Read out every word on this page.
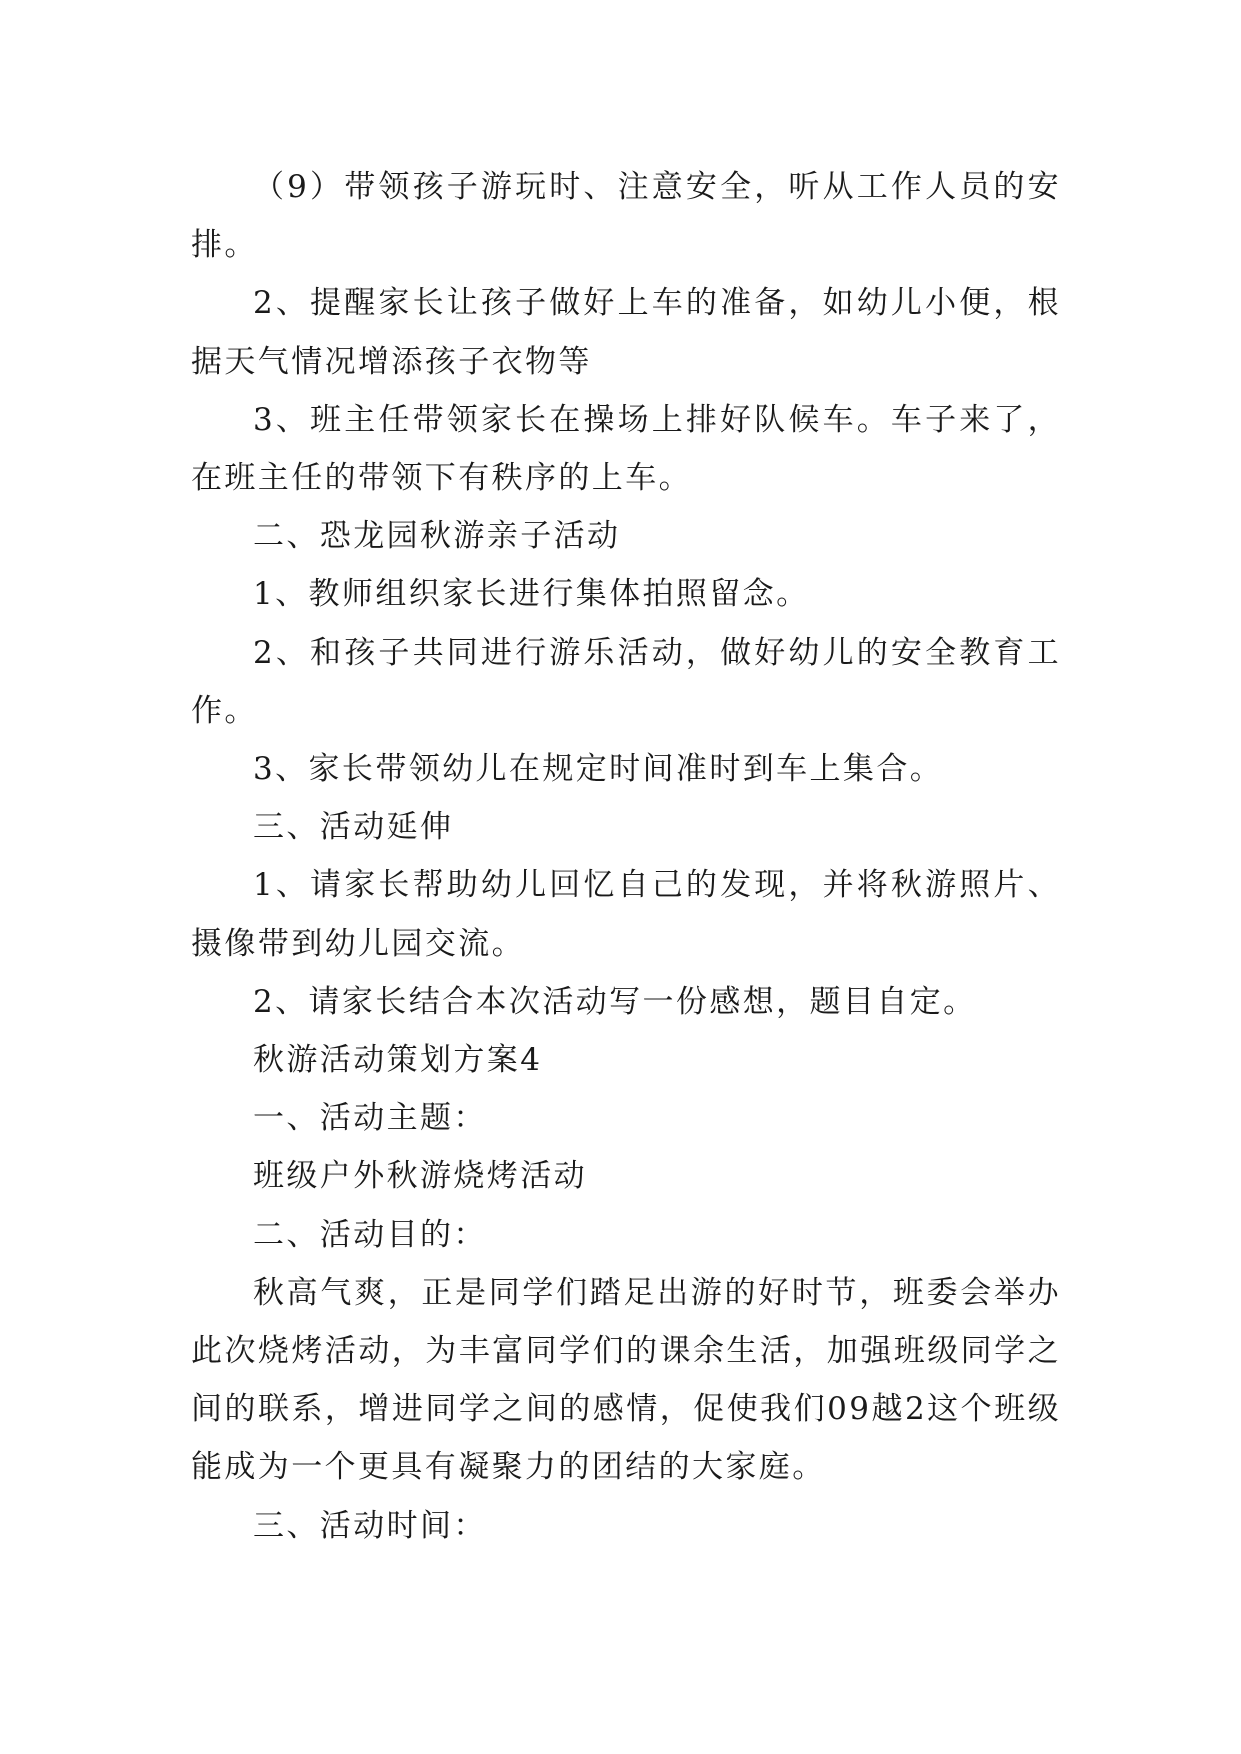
（9）带领孩子游玩时、注意安全，听从工作人员的安排。

2、提醒家长让孩子做好上车的准备，如幼儿小便，根据天气情况增添孩子衣物等

3、班主任带领家长在操场上排好队候车。车子来了，在班主任的带领下有秩序的上车。

二、恐龙园秋游亲子活动

1、教师组织家长进行集体拍照留念。

2、和孩子共同进行游乐活动，做好幼儿的安全教育工作。

3、家长带领幼儿在规定时间准时到车上集合。

三、活动延伸

1、请家长帮助幼儿回忆自己的发现，并将秋游照片、摄像带到幼儿园交流。

2、请家长结合本次活动写一份感想，题目自定。

秋游活动策划方案4

一、活动主题：

班级户外秋游烧烤活动

二、活动目的：

秋高气爽，正是同学们踏足出游的好时节，班委会举办此次烧烤活动，为丰富同学们的课余生活，加强班级同学之间的联系，增进同学之间的感情，促使我们09越2这个班级能成为一个更具有凝聚力的团结的大家庭。

三、活动时间：
